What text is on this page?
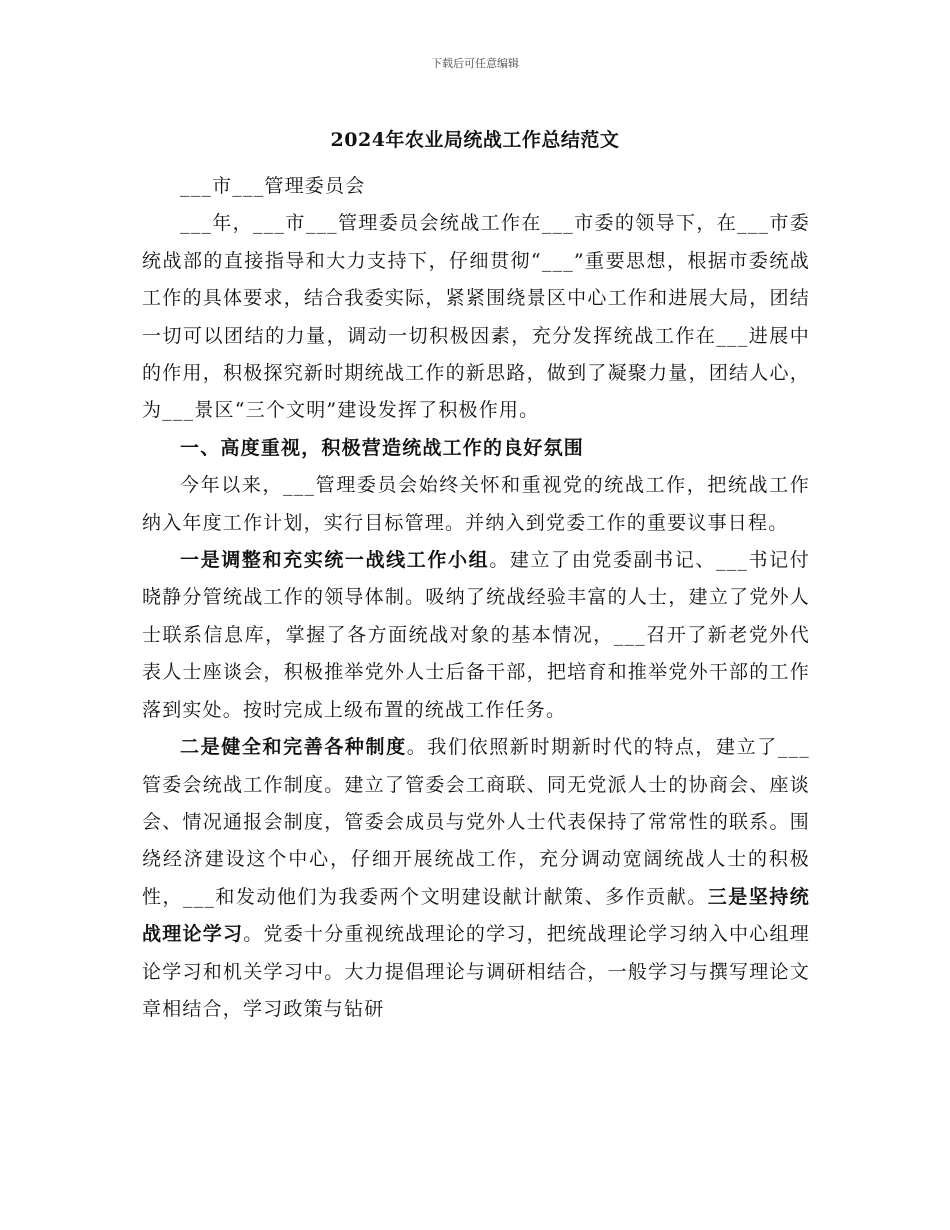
下载后可任意编辑
2024年农业局统战工作总结范文

___市___管理委员会

___年，___市___管理委员会统战工作在___市委的领导下，在___市委统战部的直接指导和大力支持下，仔细贯彻“___”重要思想，根据市委统战工作的具体要求，结合我委实际，紧紧围绕景区中心工作和进展大局，团结一切可以团结的力量，调动一切积极因素，充分发挥统战工作在___进展中的作用，积极探究新时期统战工作的新思路，做到了凝聚力量，团结人心，为___景区“三个文明”建设发挥了积极作用。

一、高度重视，积极营造统战工作的良好氛围

今年以来，___管理委员会始终关怀和重视党的统战工作，把统战工作纳入年度工作计划，实行目标管理。并纳入到党委工作的重要议事日程。

一是调整和充实统一战线工作小组。建立了由党委副书记、___书记付晓静分管统战工作的领导体制。吸纳了统战经验丰富的人士，建立了党外人士联系信息库，掌握了各方面统战对象的基本情况，___召开了新老党外代表人士座谈会，积极推举党外人士后备干部，把培育和推举党外干部的工作落到实处。按时完成上级布置的统战工作任务。

二是健全和完善各种制度。我们依照新时期新时代的特点，建立了___管委会统战工作制度。建立了管委会工商联、同无党派人士的协商会、座谈会、情况通报会制度，管委会成员与党外人士代表保持了常常性的联系。围绕经济建设这个中心，仔细开展统战工作，充分调动宽阔统战人士的积极性，___和发动他们为我委两个文明建设献计献策、多作贡献。三是坚持统战理论学习。党委十分重视统战理论的学习，把统战理论学习纳入中心组理论学习和机关学习中。大力提倡理论与调研相结合，一般学习与撰写理论文章相结合，学习政策与钻研
